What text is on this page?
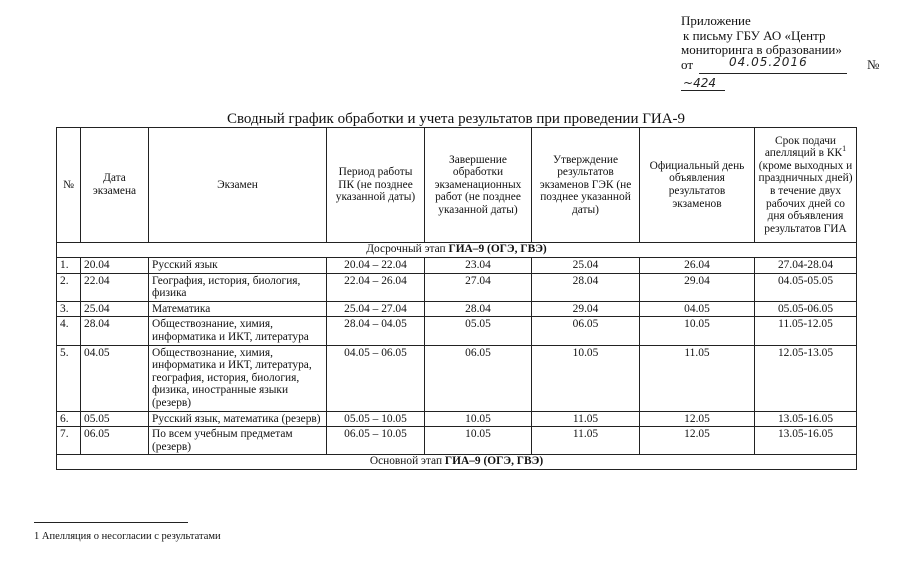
Приложение
к письму ГБУ АО «Центр
мониторинга в образовании»
от	04.05.2016	№
~424
Сводный график обработки и учета результатов при проведении ГИА-9
№	Дата экзамена	Экзамен	Период работы ПК (не позднее указанной даты)	Завершение обработки экзаменационных работ (не позднее указанной даты)	Утверждение результатов экзаменов ГЭК (не позднее указанной даты)	Официальный день объявления результатов экзаменов	Срок подачи апелляций в $КК^1$ (кроме выходных и праздничных дней) в течение двух рабочих дней со дня объявления результатов ГИА
Досрочный этап ГИА–9 (ОГЭ, ГВЭ)							
1.	20.04	Русский язык	20.04 – 22.04	23.04	25.04	26.04	27.04-28.04
2.	22.04	География, история, биология, физика	22.04 – 26.04	27.04	28.04	29.04	04.05-05.05
3.	25.04	Математика	25.04 – 27.04	28.04	29.04	04.05	05.05-06.05
4.	28.04	Обществознание, химия, информатика и ИКТ, литература	28.04 – 04.05	05.05	06.05	10.05	11.05-12.05
5.	04.05	Обществознание, химия, информатика и ИКТ, литература, география, история, биология, физика, иностранные языки (резерв)	04.05 – 06.05	06.05	10.05	11.05	12.05-13.05
6.	05.05	Русский язык, математика (резерв)	05.05 – 10.05	10.05	11.05	12.05	13.05-16.05
7.	06.05	По всем учебным предметам (резерв)	06.05 – 10.05	10.05	11.05	12.05	13.05-16.05
Основной этап ГИА–9 (ОГЭ, ГВЭ)							
1 Апелляция о несогласии с результатами
